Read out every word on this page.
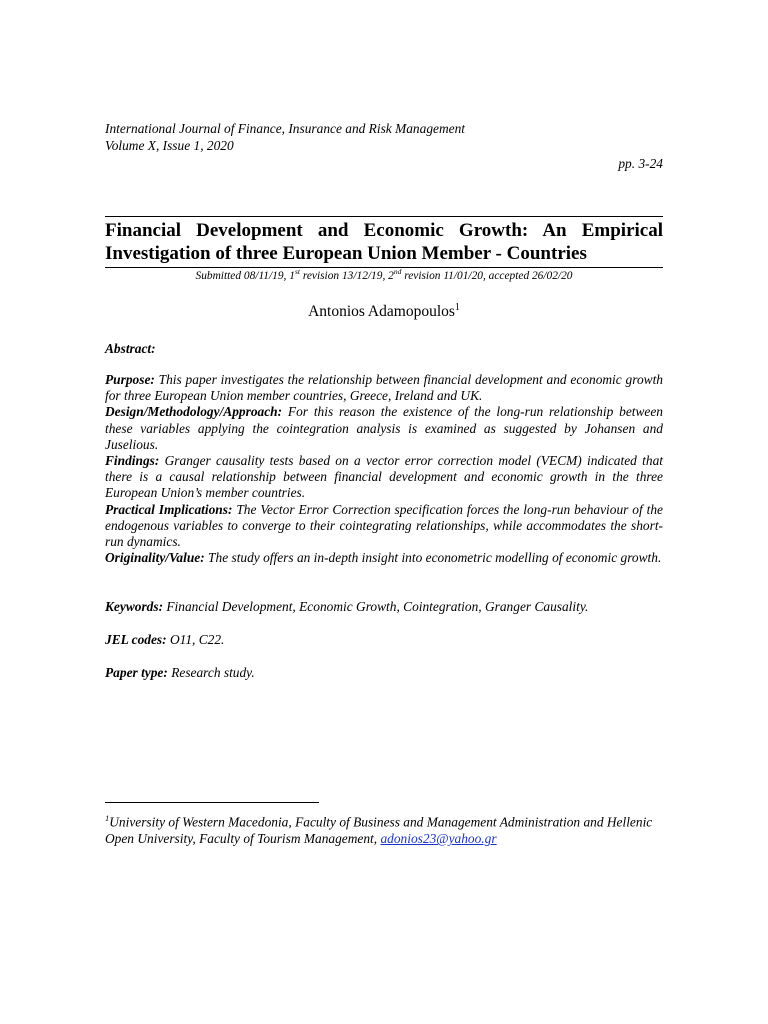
International Journal of Finance, Insurance and Risk Management
Volume X, Issue 1, 2020
pp. 3-24
Financial Development and Economic Growth: An Empirical
Investigation of three European Union Member - Countries
Submitted 08/11/19, 1st revision 13/12/19, 2nd revision 11/01/20, accepted 26/02/20
Antonios Adamopoulos$^1$
Abstract:

Purpose: This paper investigates the relationship between financial development and economic growth for three European Union member countries, Greece, Ireland and UK.

Design/Methodology/Approach: For this reason the existence of the long-run relationship between these variables applying the cointegration analysis is examined as suggested by Johansen and Juselious.

Findings: Granger causality tests based on a vector error correction model (VECM) indicated that there is a causal relationship between financial development and economic growth in the three European Union’s member countries.

Practical Implications: The Vector Error Correction specification forces the long-run behaviour of the endogenous variables to converge to their cointegrating relationships, while accommodates the short-run dynamics.

Originality/Value: The study offers an in-depth insight into econometric modelling of economic growth.

Keywords: Financial Development, Economic Growth, Cointegration, Granger Causality.
JEL codes: O11, C22.
Paper type: Research study.
$^1$University of Western Macedonia, Faculty of Business and Management Administration and Hellenic Open University, Faculty of Tourism Management, adonios23@yahoo.gr
